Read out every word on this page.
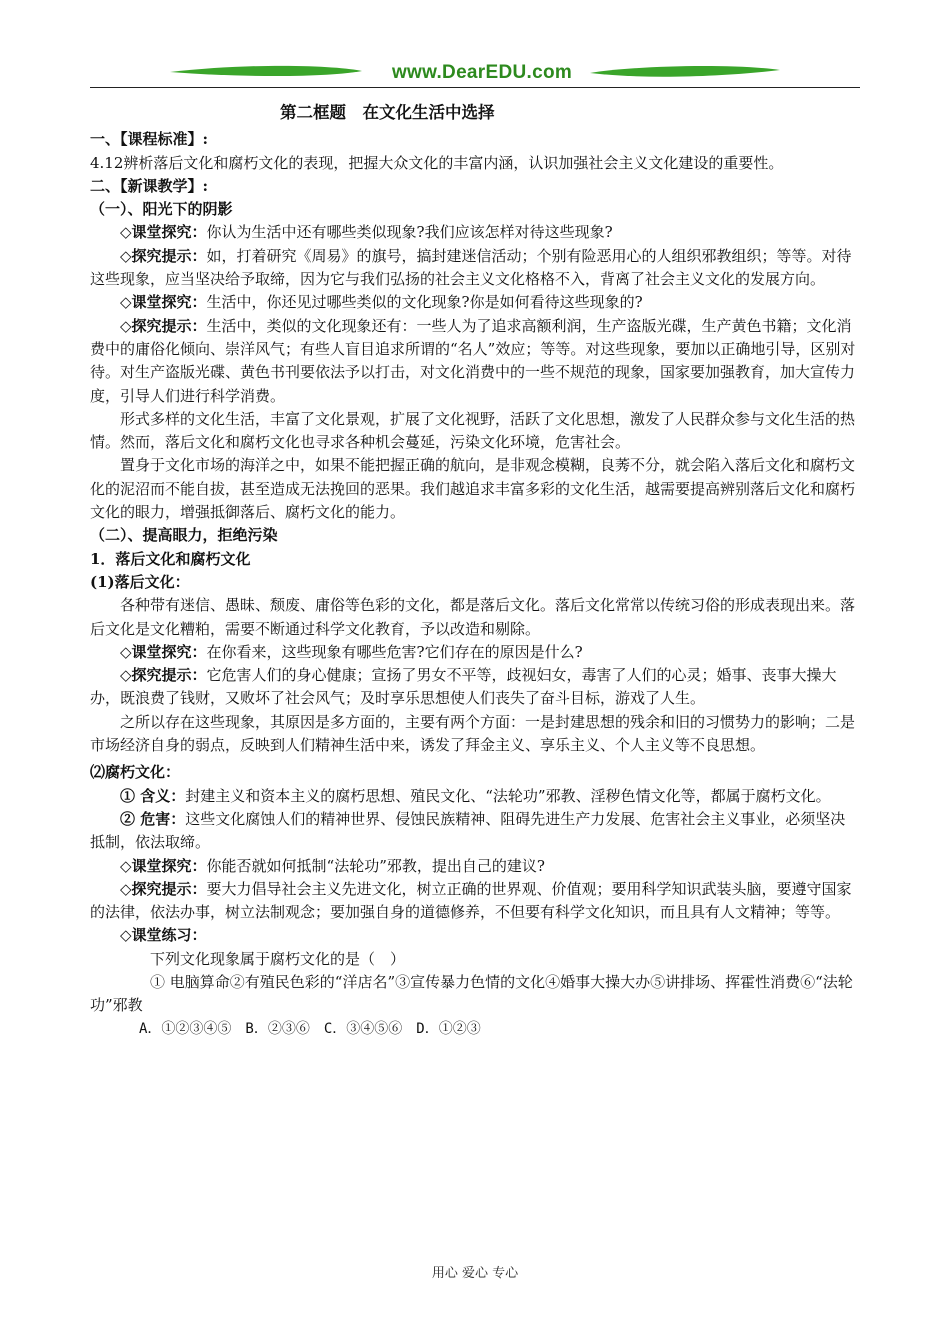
www.DearEDU.com

第二框题　在文化生活中选择

一、【课程标准】:

4.12辨析落后文化和腐朽文化的表现，把握大众文化的丰富内涵，认识加强社会主义文化建设的重要性。

二、【新课教学】:

（一）、阳光下的阴影

◇课堂探究：你认为生活中还有哪些类似现象?我们应该怎样对待这些现象?

◇探究提示：如，打着研究《周易》的旗号，搞封建迷信活动；个别有险恶用心的人组织邪教组织；等等。对待这些现象，应当坚决给予取缔，因为它与我们弘扬的社会主义文化格格不入，背离了社会主义文化的发展方向。

◇课堂探究：生活中，你还见过哪些类似的文化现象?你是如何看待这些现象的?

◇探究提示：生活中，类似的文化现象还有：一些人为了追求高额利润，生产盗版光碟，生产黄色书籍；文化消费中的庸俗化倾向、崇洋风气；有些人盲目追求所谓的“名人”效应；等等。对这些现象，要加以正确地引导，区别对待。对生产盗版光碟、黄色书刊要依法予以打击，对文化消费中的一些不规范的现象，国家要加强教育，加大宣传力度，引导人们进行科学消费。

形式多样的文化生活，丰富了文化景观，扩展了文化视野，活跃了文化思想，激发了人民群众参与文化生活的热情。然而，落后文化和腐朽文化也寻求各种机会蔓延，污染文化环境，危害社会。

置身于文化市场的海洋之中，如果不能把握正确的航向，是非观念模糊，良莠不分，就会陷入落后文化和腐朽文化的泥沼而不能自拔，甚至造成无法挽回的恶果。我们越追求丰富多彩的文化生活，越需要提高辨别落后文化和腐朽文化的眼力，增强抵御落后、腐朽文化的能力。

（二）、提高眼力，拒绝污染

1．落后文化和腐朽文化

(1)落后文化：

各种带有迷信、愚昧、颓废、庸俗等色彩的文化，都是落后文化。落后文化常常以传统习俗的形成表现出来。落后文化是文化糟粕，需要不断通过科学文化教育，予以改造和剔除。

◇课堂探究：在你看来，这些现象有哪些危害?它们存在的原因是什么?

◇探究提示：它危害人们的身心健康；宣扬了男女不平等，歧视妇女，毒害了人们的心灵；婚事、丧事大操大办，既浪费了钱财，又败坏了社会风气；及时享乐思想使人们丧失了奋斗目标，游戏了人生。

之所以存在这些现象，其原因是多方面的，主要有两个方面：一是封建思想的残余和旧的习惯势力的影响；二是市场经济自身的弱点，反映到人们精神生活中来，诱发了拜金主义、享乐主义、个人主义等不良思想。

⑵腐朽文化：

① 含义：封建主义和资本主义的腐朽思想、殖民文化、“法轮功”邪教、淫秽色情文化等，都属于腐朽文化。

② 危害：这些文化腐蚀人们的精神世界、侵蚀民族精神、阻碍先进生产力发展、危害社会主义事业，必须坚决抵制，依法取缔。

◇课堂探究：你能否就如何抵制“法轮功”邪教，提出自己的建议?

◇探究提示：要大力倡导社会主义先进文化，树立正确的世界观、价值观；要用科学知识武装头脑，要遵守国家的法律，依法办事，树立法制观念；要加强自身的道德修养，不但要有科学文化知识，而且具有人文精神；等等。

◇课堂练习：

下列文化现象属于腐朽文化的是（　）

① 电脑算命②有殖民色彩的“洋店名”③宣传暴力色情的文化④婚事大操大办⑤讲排场、挥霍性消费⑥“法轮功”邪教

A．①②③④⑤　B．②③⑥　C．③④⑤⑥　D．①②③

用心 爱心 专心
